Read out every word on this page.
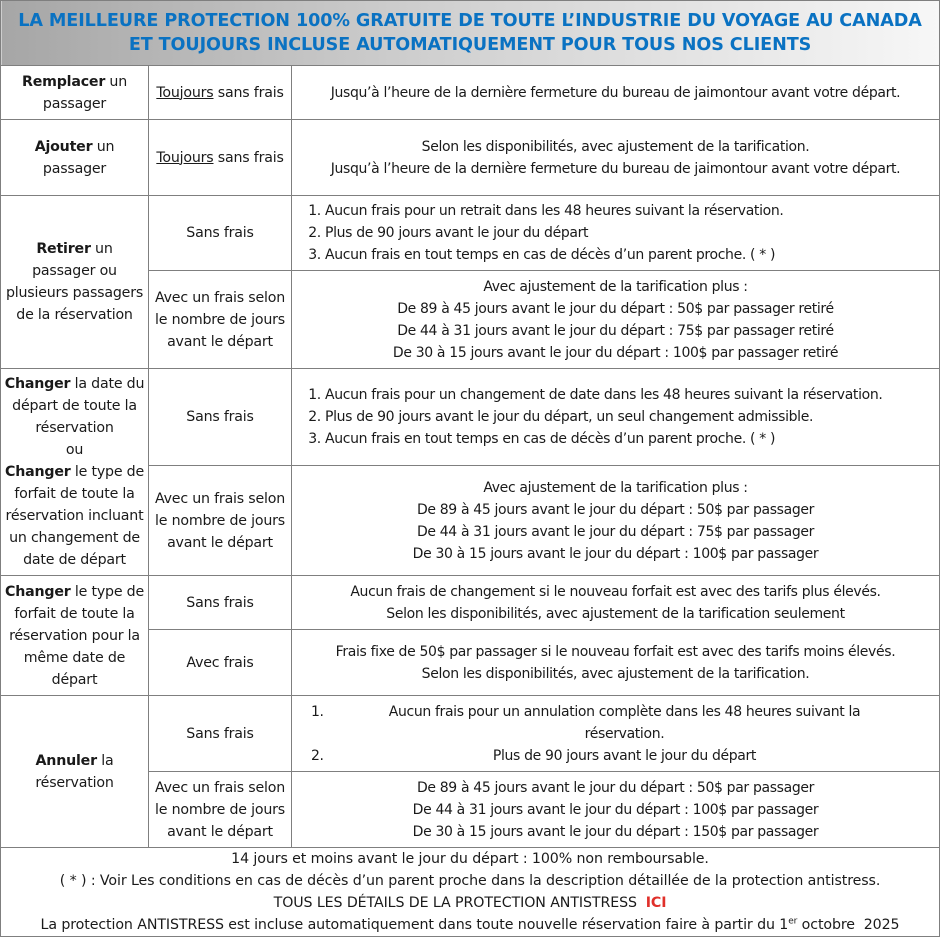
LA MEILLEURE PROTECTION 100% GRATUITE DE TOUTE L’INDUSTRIE DU VOYAGE AU CANADA
ET TOUJOURS INCLUSE AUTOMATIQUEMENT POUR TOUS NOS CLIENTS		

Remplacer un passager	Toujours sans frais	Jusqu’à l’heure de la dernière fermeture du bureau de jaimontour avant votre départ.
Ajouter un passager	Toujours sans frais	Selon les disponibilités, avec ajustement de la tarification.
Jusqu’à l’heure de la dernière fermeture du bureau de jaimontour avant votre départ.

Retirer un passager ou plusieurs passagers de la réservation	Sans frais	
1. Aucun frais pour un retrait dans les 48 heures suivant la réservation.
2. Plus de 90 jours avant le jour du départ
3. Aucun frais en tout temps en cas de décès d’un parent proche. ( * )

	Avec un frais selon le nombre de jours avant le départ	Avec ajustement de la tarification plus :
De 89 à 45 jours avant le jour du départ : 50$ par passager retiré
De 44 à 31 jours avant le jour du départ : 75$ par passager retiré
De 30 à 15 jours avant le jour du départ : 100$ par passager retiré

Changer la date du départ de toute la réservation
ou
Changer le type de forfait de toute la réservation incluant un changement de date de départ	Sans frais	
1. Aucun frais pour un changement de date dans les 48 heures suivant la réservation.
2. Plus de 90 jours avant le jour du départ, un seul changement admissible.
3. Aucun frais en tout temps en cas de décès d’un parent proche. ( * )

	Avec un frais selon le nombre de jours avant le départ	Avec ajustement de la tarification plus :
De 89 à 45 jours avant le jour du départ : 50$ par passager
De 44 à 31 jours avant le jour du départ : 75$ par passager
De 30 à 15 jours avant le jour du départ : 100$ par passager

Changer le type de forfait de toute la réservation pour la même date de départ	Sans frais	Aucun frais de changement si le nouveau forfait est avec des tarifs plus élevés.
Selon les disponibilités, avec ajustement de la tarification seulement

	Avec frais	Frais fixe de 50$ par passager si le nouveau forfait est avec des tarifs moins élevés.
Selon les disponibilités, avec ajustement de la tarification.

Annuler la réservation	Sans frais	
1.	Aucun frais pour un annulation complète dans les 48 heures suivant la réservation.
2.	Plus de 90 jours avant le jour du départ

	Avec un frais selon le nombre de jours avant le départ	De 89 à 45 jours avant le jour du départ : 50$ par passager
De 44 à 31 jours avant le jour du départ : 100$ par passager
De 30 à 15 jours avant le jour du départ : 150$ par passager

14 jours et moins avant le jour du départ : 100% non remboursable.
( * ) : Voir Les conditions en cas de décès d’un parent proche dans la description détaillée de la protection antistress.
TOUS LES DÉTAILS DE LA PROTECTION ANTISTRESS  ICI
La protection ANTISTRESS est incluse automatiquement dans toute nouvelle réservation faire à partir du 1er octobre  2025		
